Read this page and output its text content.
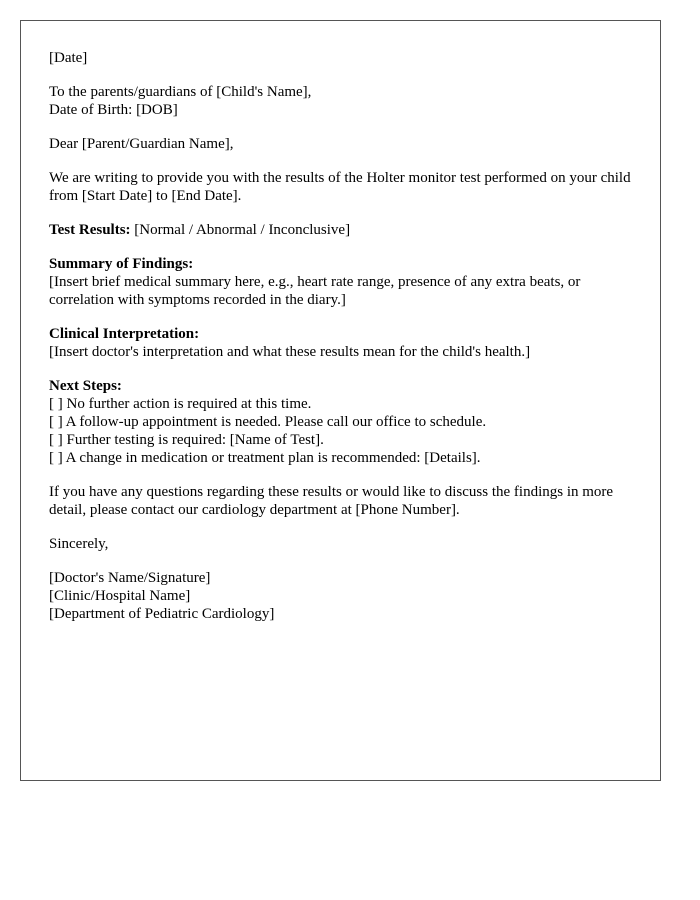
[Date]

To the parents/guardians of [Child's Name],
Date of Birth: [DOB]

Dear [Parent/Guardian Name],

We are writing to provide you with the results of the Holter monitor test performed on your child from [Start Date] to [End Date].

Test Results: [Normal / Abnormal / Inconclusive]

Summary of Findings:
[Insert brief medical summary here, e.g., heart rate range, presence of any extra beats, or correlation with symptoms recorded in the diary.]

Clinical Interpretation:
[Insert doctor's interpretation and what these results mean for the child's health.]

Next Steps:
[ ] No further action is required at this time.
[ ] A follow-up appointment is needed. Please call our office to schedule.
[ ] Further testing is required: [Name of Test].
[ ] A change in medication or treatment plan is recommended: [Details].

If you have any questions regarding these results or would like to discuss the findings in more detail, please contact our cardiology department at [Phone Number].

Sincerely,

[Doctor's Name/Signature]
[Clinic/Hospital Name]
[Department of Pediatric Cardiology]
